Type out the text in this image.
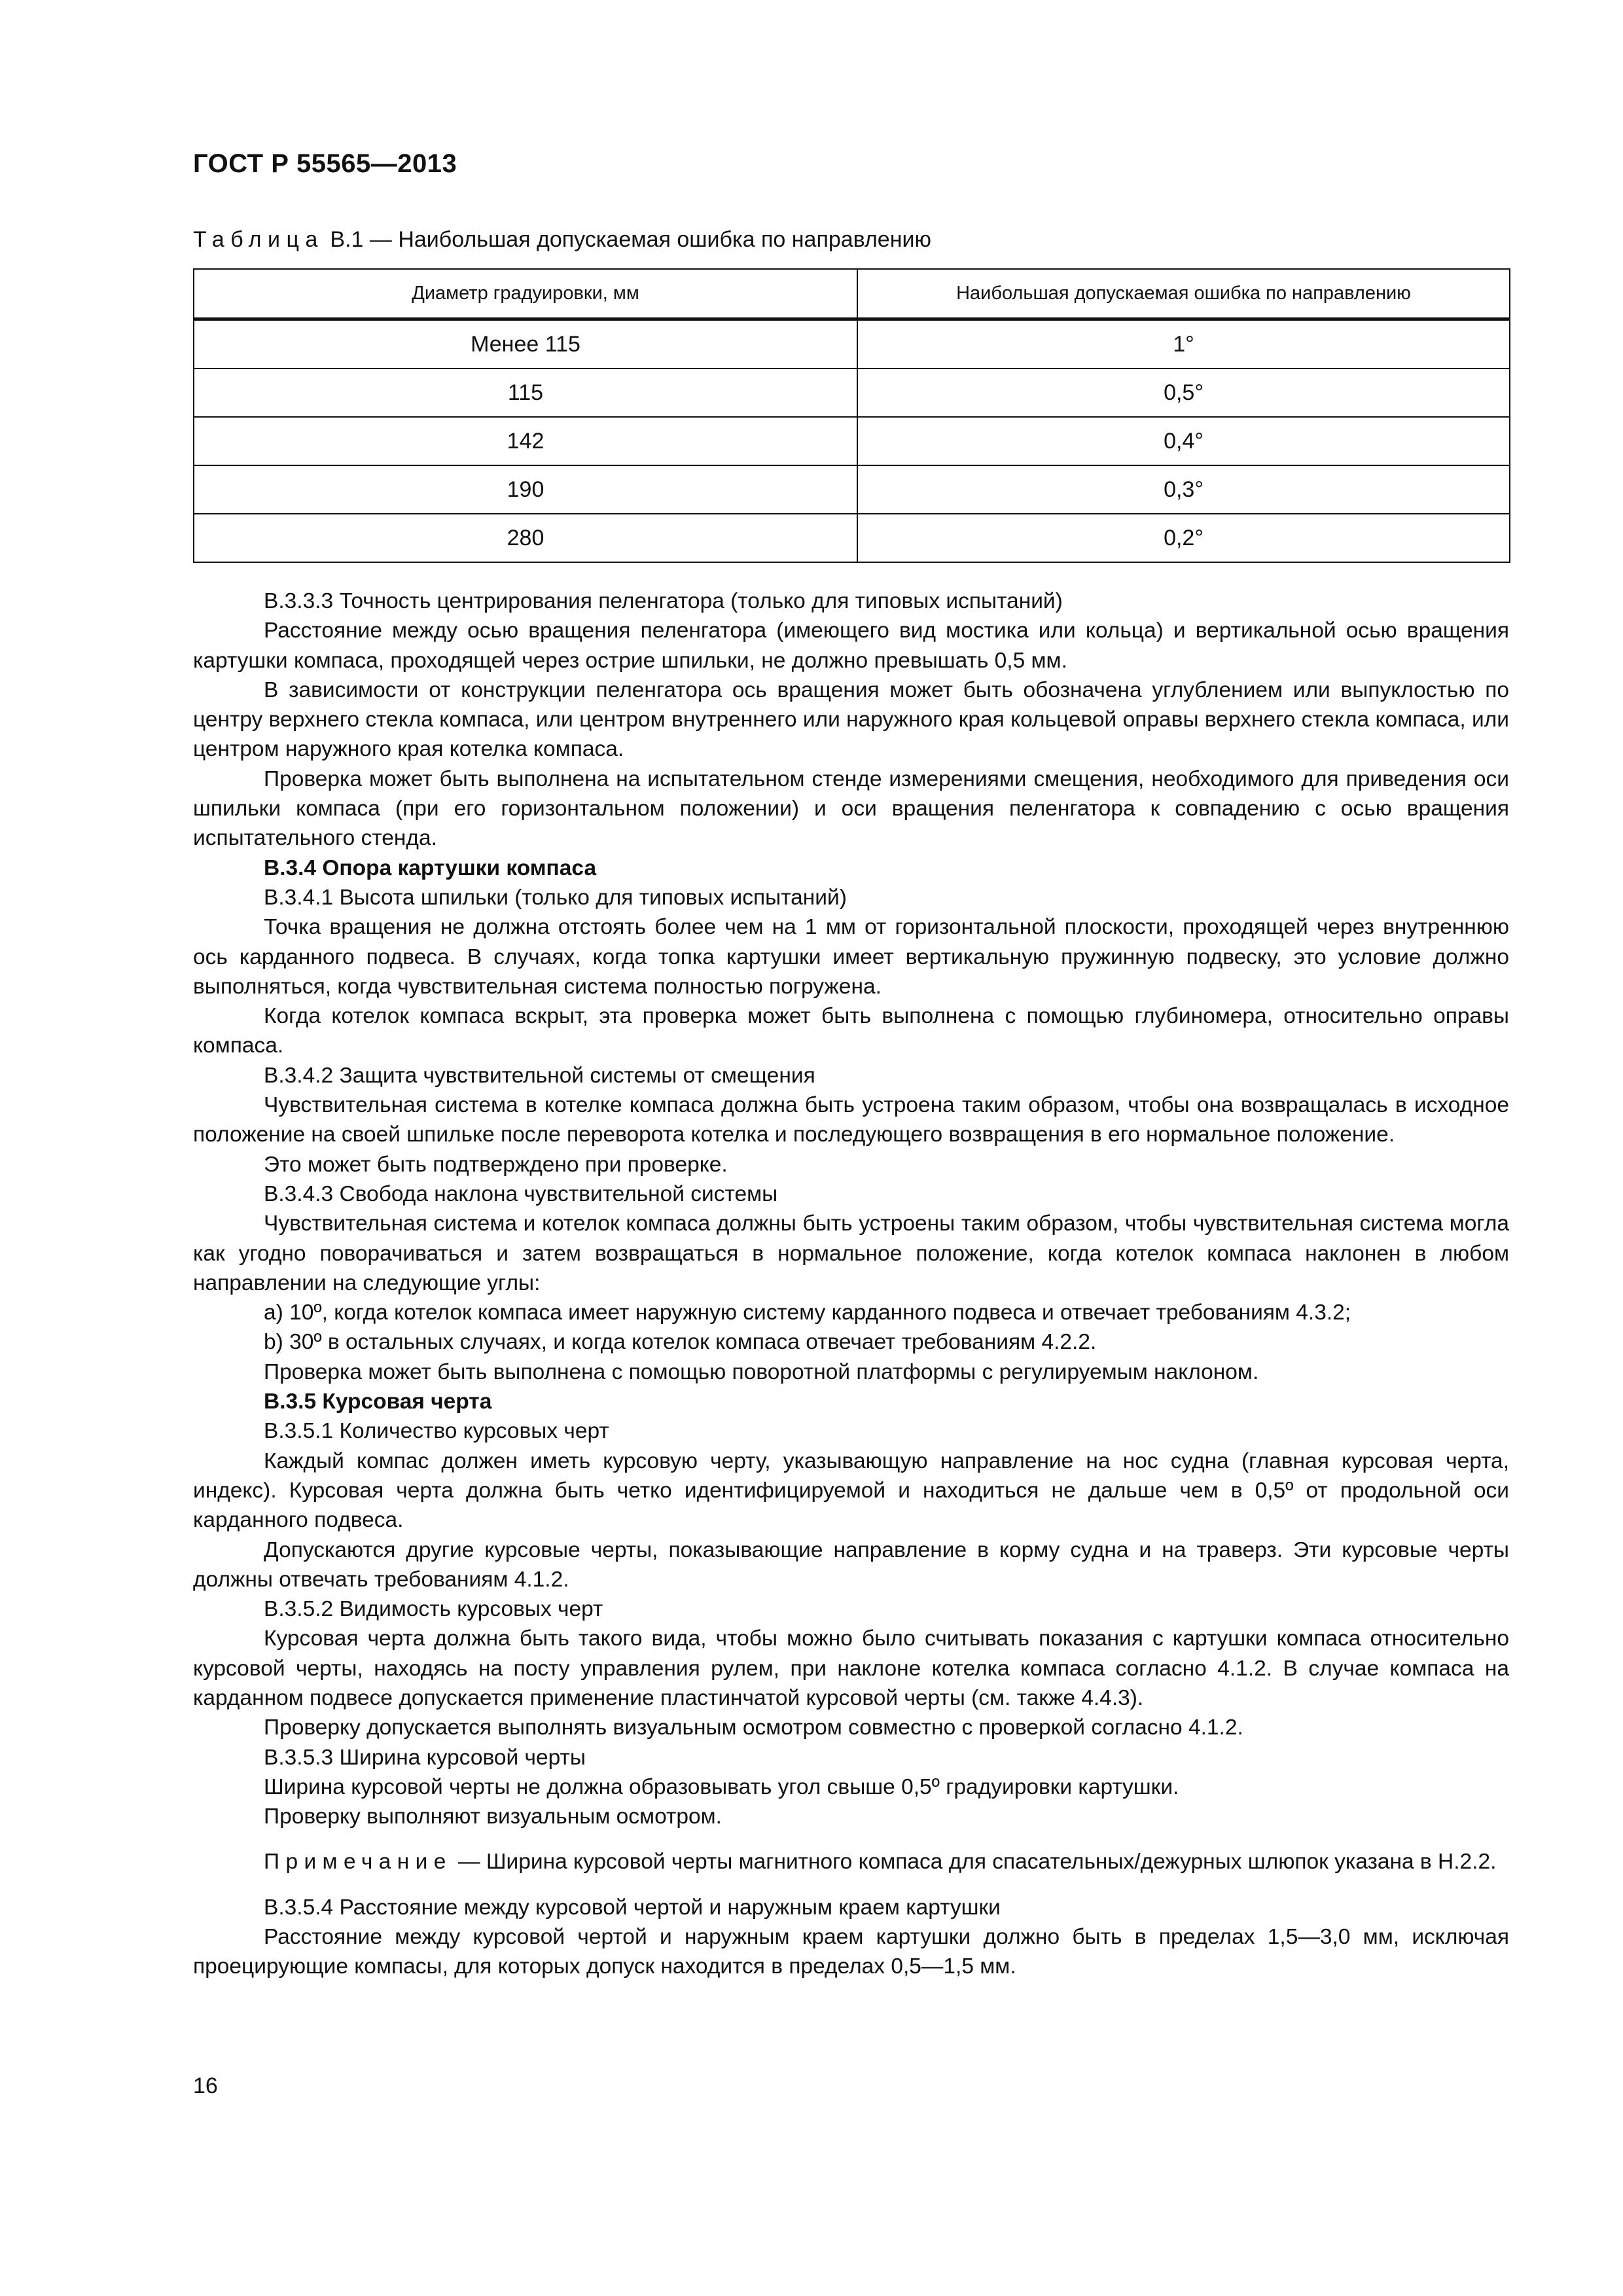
ГОСТ Р 55565—2013
Таблица В.1 — Наибольшая допускаемая ошибка по направлению
Диаметр градуировки, мм	Наибольшая допускаемая ошибка по направлению
Менее 115	1°
115	0,5°
142	0,4°
190	0,3°
280	0,2°

В.3.3.3 Точность центрирования пеленгатора (только для типовых испытаний)

Расстояние между осью вращения пеленгатора (имеющего вид мостика или кольца) и вертикальной осью вращения картушки компаса, проходящей через острие шпильки, не должно превышать 0,5 мм.

В зависимости от конструкции пеленгатора ось вращения может быть обозначена углублением или выпуклостью по центру верхнего стекла компаса, или центром внутреннего или наружного края кольцевой оправы верхнего стекла компаса, или центром наружного края котелка компаса.

Проверка может быть выполнена на испытательном стенде измерениями смещения, необходимого для приведения оси шпильки компаса (при его горизонтальном положении) и оси вращения пеленгатора к совпадению с осью вращения испытательного стенда.

В.3.4 Опора картушки компаса

В.3.4.1 Высота шпильки (только для типовых испытаний)

Точка вращения не должна отстоять более чем на 1 мм от горизонтальной плоскости, проходящей через внутреннюю ось карданного подвеса. В случаях, когда топка картушки имеет вертикальную пружинную подвеску, это условие должно выполняться, когда чувствительная система полностью погружена.

Когда котелок компаса вскрыт, эта проверка может быть выполнена с помощью глубиномера, относительно оправы компаса.

В.3.4.2 Защита чувствительной системы от смещения

Чувствительная система в котелке компаса должна быть устроена таким образом, чтобы она возвращалась в исходное положение на своей шпильке после переворота котелка и последующего возвращения в его нормальное положение.

Это может быть подтверждено при проверке.

В.3.4.3 Свобода наклона чувствительной системы

Чувствительная система и котелок компаса должны быть устроены таким образом, чтобы чувствительная система могла как угодно поворачиваться и затем возвращаться в нормальное положение, когда котелок компаса наклонен в любом направлении на следующие углы:

a) 10º, когда котелок компаса имеет наружную систему карданного подвеса и отвечает требованиям 4.3.2;

b) 30º в остальных случаях, и когда котелок компаса отвечает требованиям 4.2.2.

Проверка может быть выполнена с помощью поворотной платформы с регулируемым наклоном.

В.3.5 Курсовая черта

В.3.5.1 Количество курсовых черт

Каждый компас должен иметь курсовую черту, указывающую направление на нос судна (главная курсовая черта, индекс). Курсовая черта должна быть четко идентифицируемой и находиться не дальше чем в 0,5º от продольной оси карданного подвеса.

Допускаются другие курсовые черты, показывающие направление в корму судна и на траверз. Эти курсовые черты должны отвечать требованиям 4.1.2.

В.3.5.2 Видимость курсовых черт

Курсовая черта должна быть такого вида, чтобы можно было считывать показания с картушки компаса относительно курсовой черты, находясь на посту управления рулем, при наклоне котелка компаса согласно 4.1.2. В случае компаса на карданном подвесе допускается применение пластинчатой курсовой черты (см. также 4.4.3).

Проверку допускается выполнять визуальным осмотром совместно с проверкой согласно 4.1.2.

В.3.5.3 Ширина курсовой черты

Ширина курсовой черты не должна образовывать угол свыше 0,5º градуировки картушки.

Проверку выполняют визуальным осмотром.

Примечание — Ширина курсовой черты магнитного компаса для спасательных/дежурных шлюпок указана в Н.2.2.

В.3.5.4 Расстояние между курсовой чертой и наружным краем картушки

Расстояние между курсовой чертой и наружным краем картушки должно быть в пределах 1,5—3,0 мм, исключая проецирующие компасы, для которых допуск находится в пределах 0,5—1,5 мм.

16
